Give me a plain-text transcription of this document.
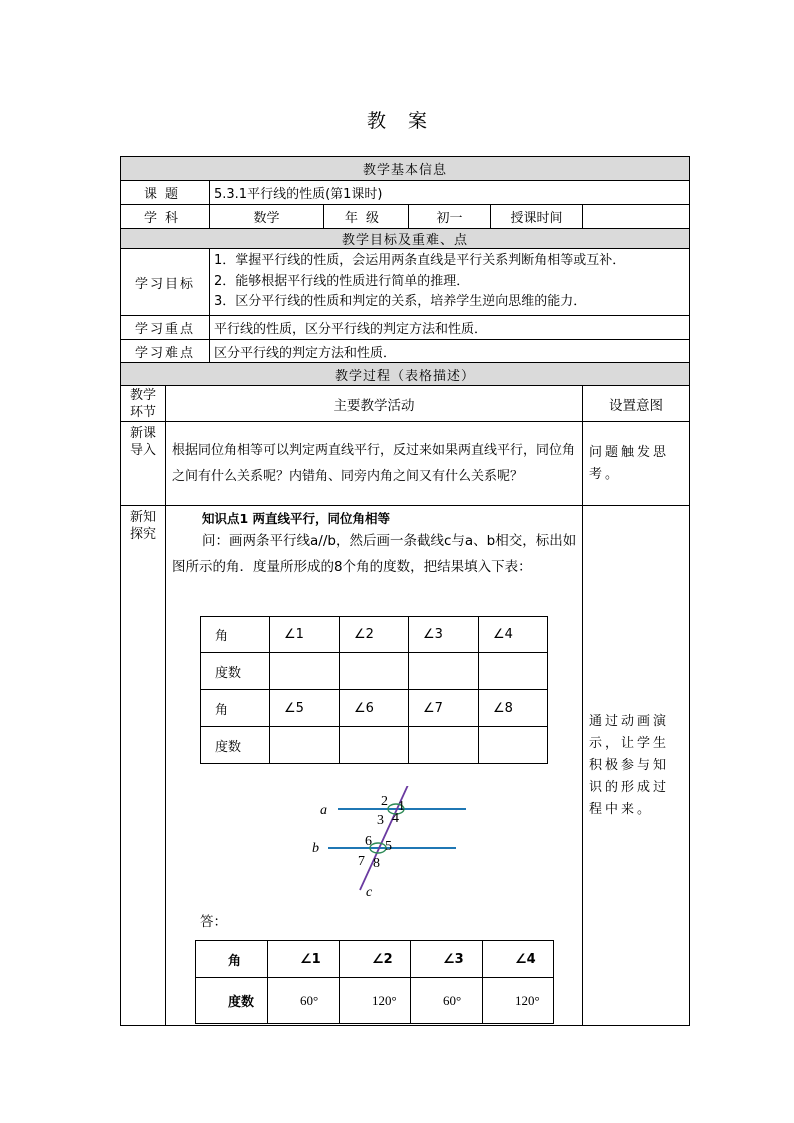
教案
教学基本信息
课题	5.3.1平行线的性质(第1课时)
学科	数学	年级	初一	授课时间	
教学目标及重难、点
学习目标	
1．掌握平行线的性质，会运用两条直线是平行关系判断角相等或互补．
2．能够根据平行线的性质进行简单的推理．
3．区分平行线的性质和判定的关系，培养学生逆向思维的能力．

学习重点	平行线的性质，区分平行线的判定方法和性质．
学习难点	区分平行线的判定方法和性质．
教学过程（表格描述）
教学环节	主要教学活动	设置意图
新课导入	根据同位角相等可以判定两直线平行，反过来如果两直线平行，同位角之间有什么关系呢？内错角、同旁内角之间又有什么关系呢？	问题触发思考。
新知探究	
知识点1 两直线平行，同位角相等
问：画两条平行线a//b，然后画一条截线c与a、b相交，标出如图所示的角．度量所形成的8个角的度数，把结果填入下表：
角	∠1	∠2	∠3	∠4
度数				
角	∠5	∠6	∠7	∠8
度数				
a
b
c
1
2
3 4
5
6
7 8
答：
角	∠1	∠2	∠3	∠4
度数	60°	120°	60°	120°
	通过动画演示，让学生积极参与知识的形成过程中来。
